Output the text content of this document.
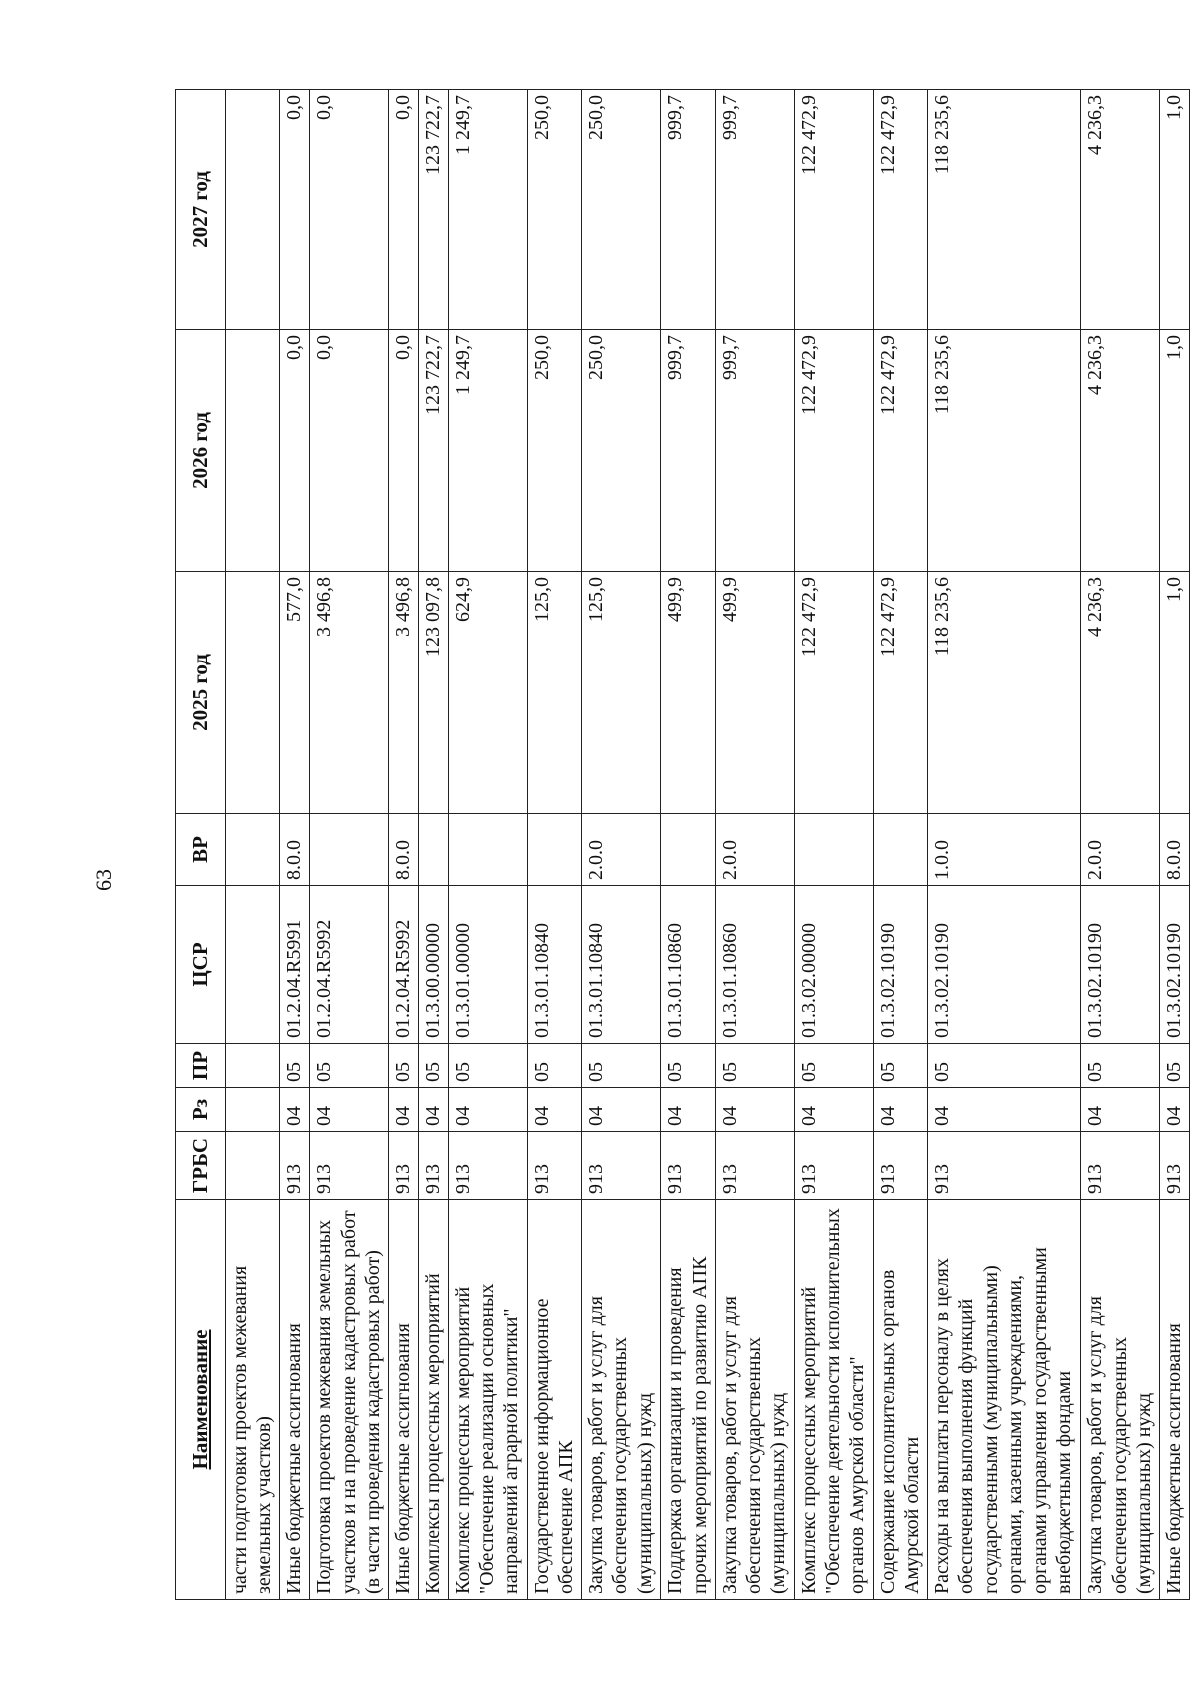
63
Наименование	ГРБС	Рз	ПР	ЦСР	ВР	2025 год	2026 год	2027 год
части подготовки проектов межевания земельных участков)								
Иные бюджетные ассигнования	913	04	05	01.2.04.R5991	8.0.0	577,0	0,0	0,0
Подготовка проектов межевания земельных участков и на проведение кадастровых работ (в части проведения кадастровых работ)	913	04	05	01.2.04.R5992		3 496,8	0,0	0,0
Иные бюджетные ассигнования	913	04	05	01.2.04.R5992	8.0.0	3 496,8	0,0	0,0
Комплексы процессных мероприятий	913	04	05	01.3.00.00000		123 097,8	123 722,7	123 722,7
Комплекс процессных мероприятий "Обеспечение реализации основных направлений аграрной политики"	913	04	05	01.3.01.00000		624,9	1 249,7	1 249,7
Государственное информационное обеспечение АПК	913	04	05	01.3.01.10840		125,0	250,0	250,0
Закупка товаров, работ и услуг для обеспечения государственных (муниципальных) нужд	913	04	05	01.3.01.10840	2.0.0	125,0	250,0	250,0
Поддержка организации и проведения прочих мероприятий по развитию АПК	913	04	05	01.3.01.10860		499,9	999,7	999,7
Закупка товаров, работ и услуг для обеспечения государственных (муниципальных) нужд	913	04	05	01.3.01.10860	2.0.0	499,9	999,7	999,7
Комплекс процессных мероприятий "Обеспечение деятельности исполнительных органов Амурской области"	913	04	05	01.3.02.00000		122 472,9	122 472,9	122 472,9
Содержание исполнительных органов Амурской области	913	04	05	01.3.02.10190		122 472,9	122 472,9	122 472,9
Расходы на выплаты персоналу в целях обеспечения выполнения функций государственными (муниципальными) органами, казенными учреждениями, органами управления государственными внебюджетными фондами	913	04	05	01.3.02.10190	1.0.0	118 235,6	118 235,6	118 235,6
Закупка товаров, работ и услуг для обеспечения государственных (муниципальных) нужд	913	04	05	01.3.02.10190	2.0.0	4 236,3	4 236,3	4 236,3
Иные бюджетные ассигнования	913	04	05	01.3.02.10190	8.0.0	1,0	1,0	1,0
